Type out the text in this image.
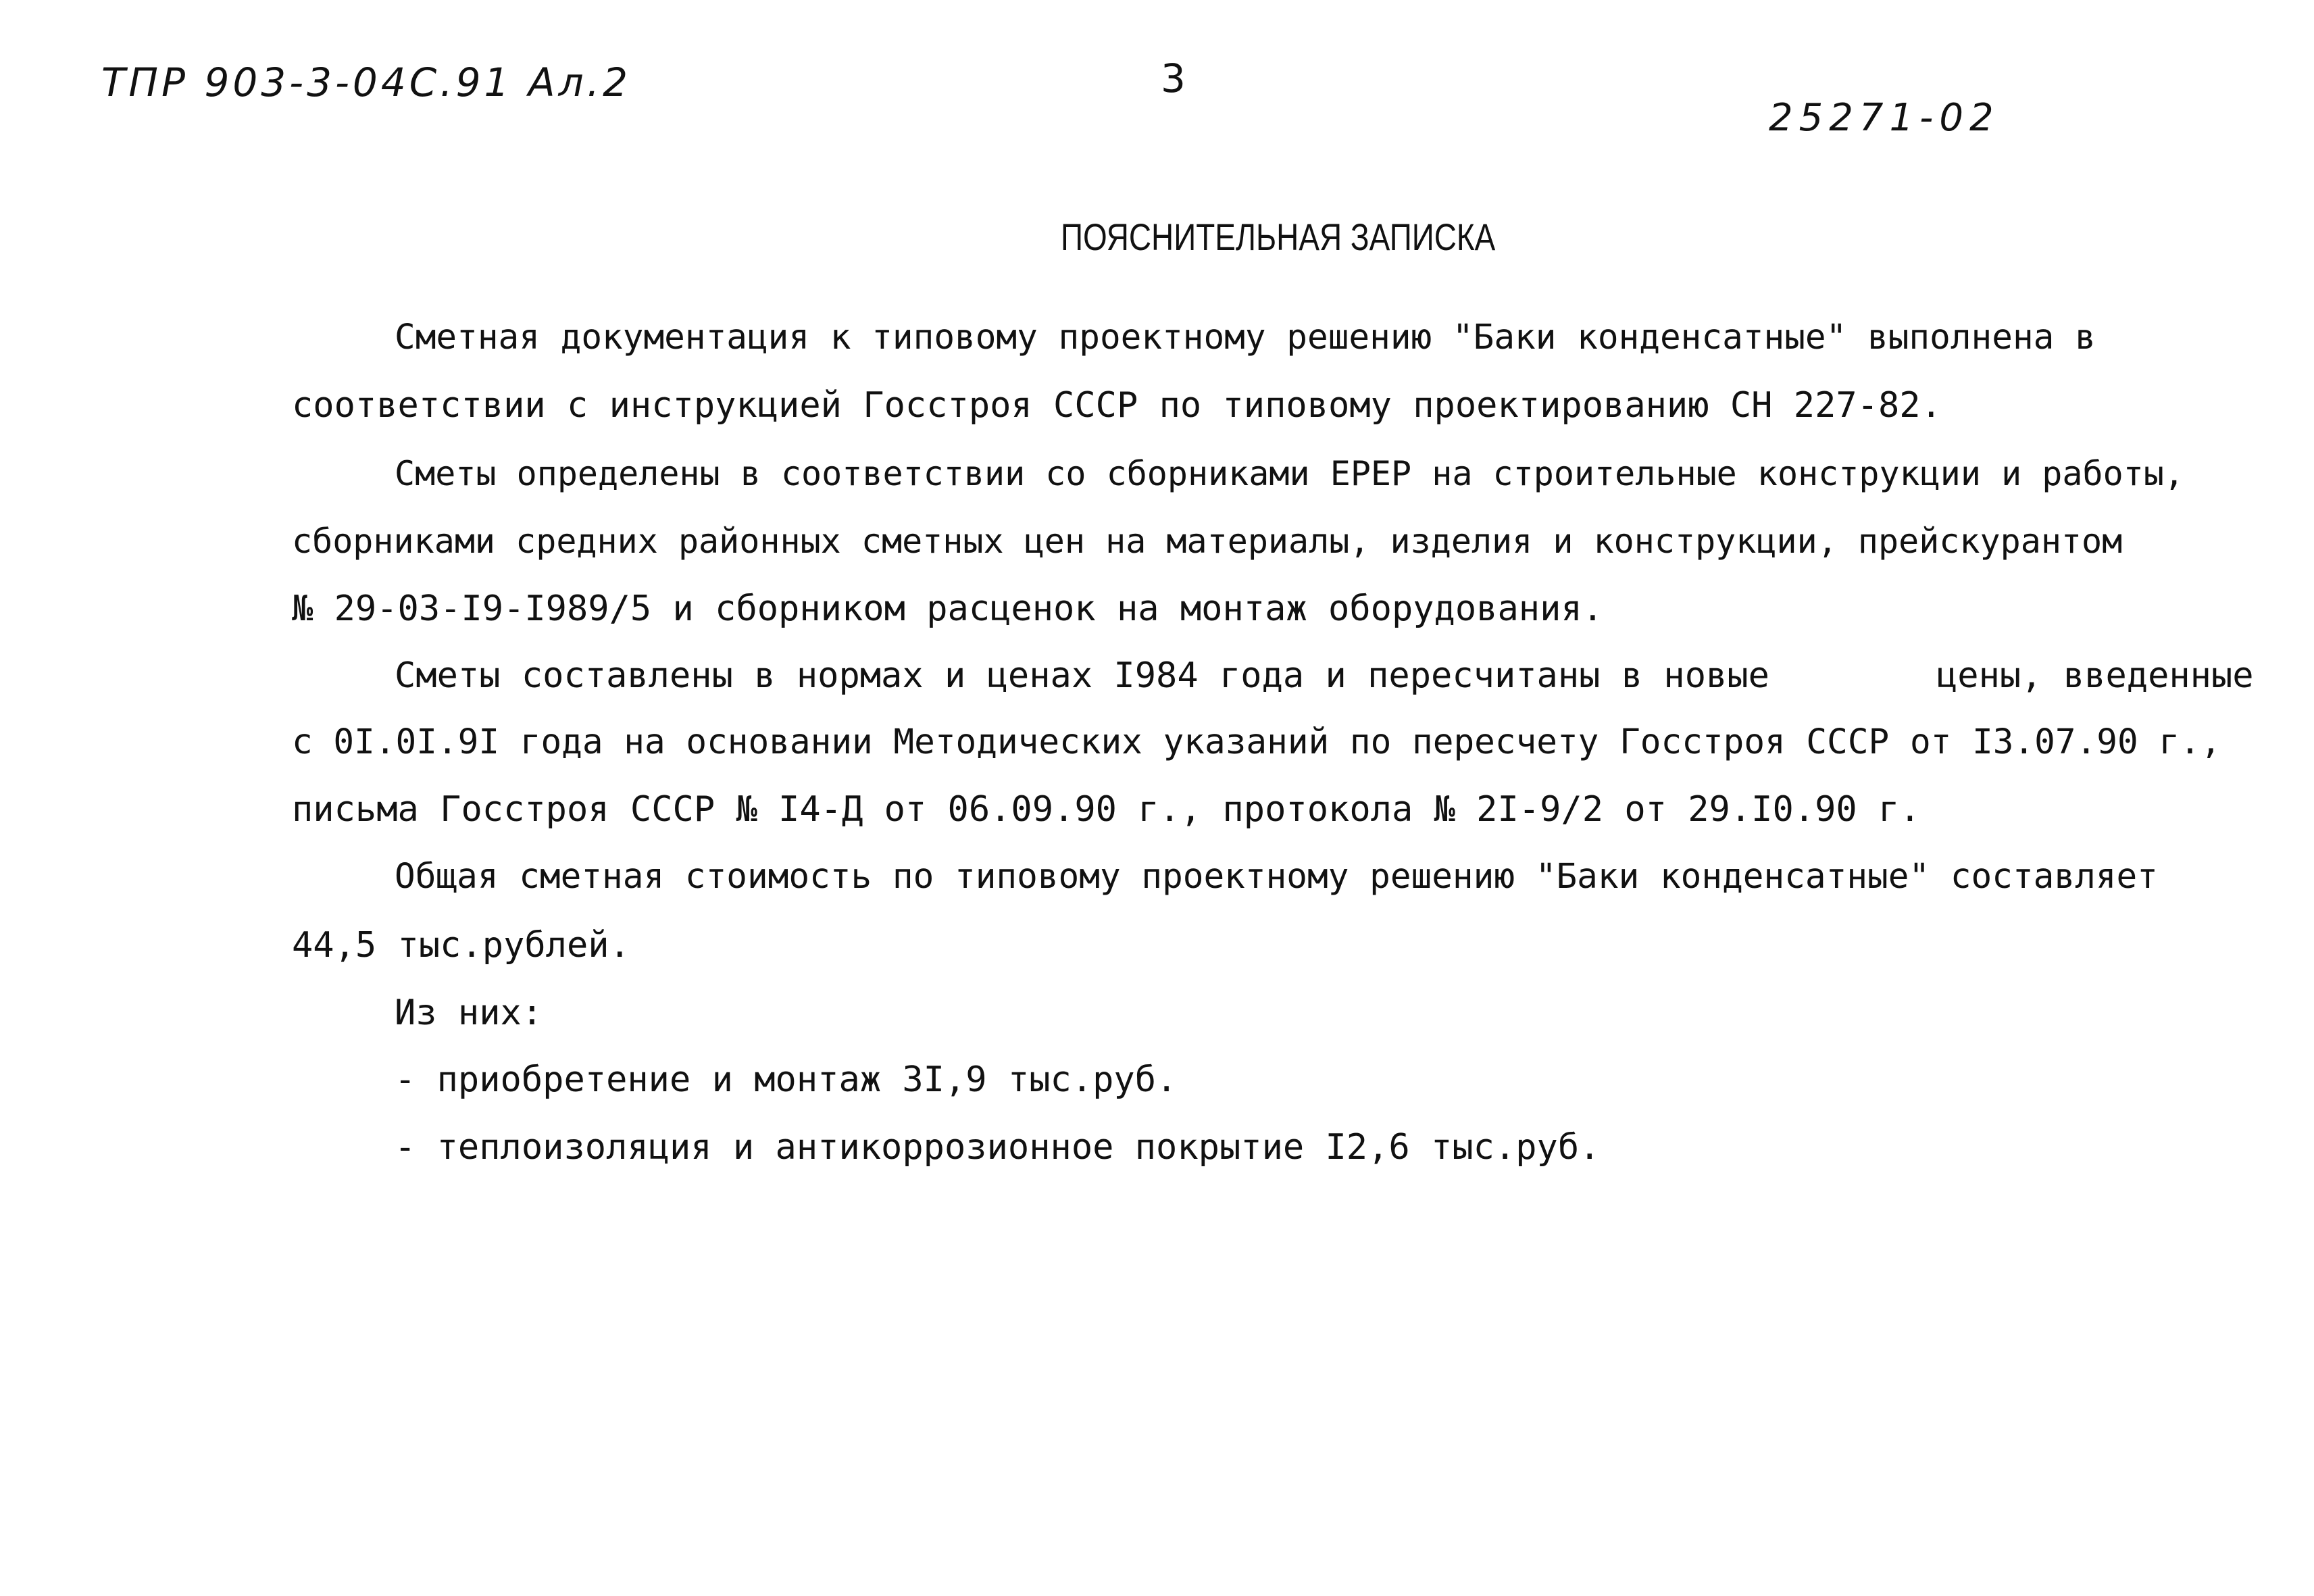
ТПР 903-3-04С.91 Ал.2	3
25271-02
ПОЯСНИТЕЛЬНАЯ ЗАПИСКА
Сметная документация к типовому проектному решению "Баки конденсатные" выполнена в
соответствии с инструкцией Госстроя СССР по типовому проектированию СН 227-82.
Сметы определены в соответствии со сборниками ЕРЕР на строительные конструкции и работы,
сборниками средних районных сметных цен на материалы, изделия и конструкции, прейскурантом
№ 29-03-I9-I989/5 и сборником расценок на монтаж оборудования.
Сметы составлены в нормах и ценах I984 года и пересчитаны в новые	цены, введенные
с 0I.0I.9I года на основании Методических указаний по пересчету Госстроя СССР от I3.07.90 г.,
письма Госстроя СССР № I4-Д от 06.09.90 г., протокола № 2I-9/2 от 29.I0.90 г.
Общая сметная стоимость по типовому проектному решению "Баки конденсатные" составляет
44,5 тыс.рублей.
Из них:
- приобретение и монтаж 3I,9 тыс.руб.
- теплоизоляция и антикоррозионное покрытие I2,6 тыс.руб.
